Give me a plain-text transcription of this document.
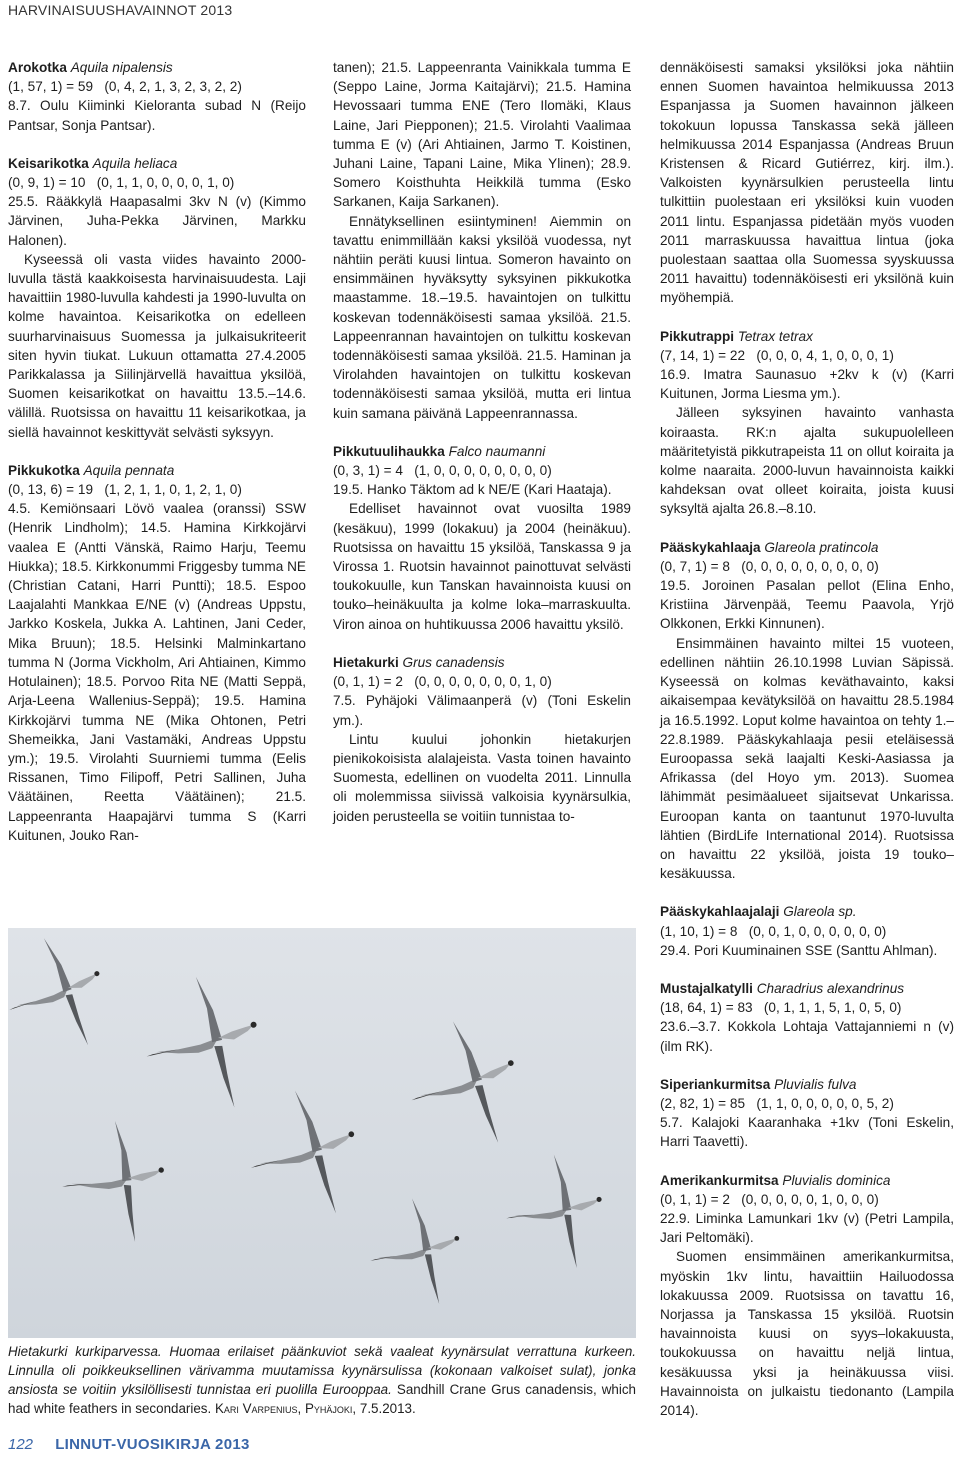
HARVINAISUUSHAVAINNOT 2013

Arokotka Aquila nipalensis

(1, 57, 1) = 59   (0, 4, 2, 1, 3, 2, 3, 2, 2)

8.7. Oulu Kiiminki Kieloranta subad N (Reijo Pantsar, Sonja Pantsar).

Keisarikotka Aquila heliaca

(0, 9, 1) = 10   (0, 1, 1, 0, 0, 0, 0, 1, 0)

25.5. Rääkkylä Haapasalmi 3kv N (v) (Kimmo Järvinen, Juha-Pekka Järvinen, Markku Halonen).

Kyseessä oli vasta viides havainto 2000-luvulla tästä kaakkoisesta harvinaisuudesta. Laji havaittiin 1980-luvulla kahdesti ja 1990-luvulta on kolme havaintoa. Keisarikotka on edelleen suurharvinaisuus Suomessa ja julkaisukriteerit siten hyvin tiukat. Lukuun ottamatta 27.4.2005 Parikkalassa ja Siilinjärvellä havaittua yksilöä, Suomen keisarikotkat on havaittu 13.5.–14.6. välillä. Ruotsissa on havaittu 11 keisarikotkaa, ja siellä havainnot keskittyvät selvästi syksyyn.

Pikkukotka Aquila pennata

(0, 13, 6) = 19   (1, 2, 1, 1, 0, 1, 2, 1, 0)

4.5. Kemiönsaari Lövö vaalea (oranssi) SSW (Henrik Lindholm); 14.5. Hamina Kirkkojärvi vaalea E (Antti Vänskä, Raimo Harju, Teemu Hiukka); 18.5. Kirkkonummi Friggesby tumma NE (Christian Catani, Harri Puntti); 18.5. Espoo Laajalahti Mankkaa E/NE (v) (Andreas Uppstu, Jarkko Koskela, Jukka A. Lahtinen, Jani Ceder, Mika Bruun); 18.5. Helsinki Malminkartano tumma N (Jorma Vickholm, Ari Ahtiainen, Kimmo Hotulainen); 18.5. Porvoo Rita NE (Matti Seppä, Arja-Leena Wallenius-Seppä); 19.5. Hamina Kirkkojärvi tumma NE (Mika Ohtonen, Petri Shemeikka, Jani Vastamäki, Andreas Uppstu ym.); 19.5. Virolahti Suurniemi tumma (Eelis Rissanen, Timo Filipoff, Petri Sallinen, Juha Väätäinen, Reetta Väätäinen); 21.5. Lappeenranta Haapajärvi tumma S (Karri Kuitunen, Jouko Ran-

tanen); 21.5. Lappeenranta Vainikkala tumma E (Seppo Laine, Jorma Kaitajärvi); 21.5. Hamina Hevossaari tumma ENE (Tero Ilomäki, Klaus Laine, Jari Piepponen); 21.5. Virolahti Vaalimaa tumma E (v) (Ari Ahtiainen, Jarmo T. Koistinen, Juhani Laine, Tapani Laine, Mika Ylinen); 28.9. Somero Koisthuhta Heikkilä tumma (Esko Sarkanen, Kaija Sarkanen).

Ennätyksellinen esiintyminen! Aiemmin on tavattu enimmillään kaksi yksilöä vuodessa, nyt nähtiin peräti kuusi lintua. Someron havainto on ensimmäinen hyväksytty syksyinen pikkukotka maastamme. 18.–19.5. havaintojen on tulkittu koskevan todennäköisesti samaa yksilöä. 21.5. Lappeenrannan havaintojen on tulkittu koskevan todennäköisesti samaa yksilöä. 21.5. Haminan ja Virolahden havaintojen on tulkittu koskevan todennäköisesti samaa yksilöä, mutta eri lintua kuin samana päivänä Lappeenrannassa.

Pikkutuulihaukka Falco naumanni

(0, 3, 1) = 4   (1, 0, 0, 0, 0, 0, 0, 0, 0)

19.5. Hanko Täktom ad k NE/E (Kari Haataja).

Edelliset havainnot ovat vuosilta 1989 (kesäkuu), 1999 (lokakuu) ja 2004 (heinäkuu). Ruotsissa on havaittu 15 yksilöä, Tanskassa 9 ja Virossa 1. Ruotsin havainnot painottuvat selvästi toukokuulle, kun Tanskan havainnoista kuusi on touko–heinäkuulta ja kolme loka–marraskuulta. Viron ainoa on huhtikuussa 2006 havaittu yksilö.

Hietakurki Grus canadensis

(0, 1, 1) = 2   (0, 0, 0, 0, 0, 0, 0, 1, 0)

7.5. Pyhäjoki Välimaanperä (v) (Toni Eskelin ym.).

Lintu kuului johonkin hietakurjen pienikokoisista alalajeista. Vasta toinen havainto Suomesta, edellinen on vuodelta 2011. Linnulla oli molemmissa siivissä valkoisia kyynärsulkia, joiden perusteella se voitiin tunnistaa to-

dennäköisesti samaksi yksilöksi joka nähtiin ennen Suomen havaintoa helmikuussa 2013 Espanjassa ja Suomen havainnon jälkeen tokokuun lopussa Tanskassa sekä jälleen helmikuussa 2014 Espanjassa (Andreas Bruun Kristensen & Ricard Gutiérrez, kirj. ilm.). Valkoisten kyynärsulkien perusteella lintu tulkittiin puolestaan eri yksilöksi kuin vuoden 2011 lintu. Espanjassa pidetään myös vuoden 2011 marraskuussa havaittua lintua (joka puolestaan saattaa olla Suomessa syyskuussa 2011 havaittu) todennäköisesti eri yksilönä kuin myöhempiä.

Pikkutrappi Tetrax tetrax

(7, 14, 1) = 22   (0, 0, 0, 4, 1, 0, 0, 0, 1)

16.9. Imatra Saunasuo +2kv k (v) (Karri Kuitunen, Jorma Liesma ym.).

Jälleen syksyinen havainto vanhasta koiraasta. RK:n ajalta sukupuolelleen määritetyistä pikkutrapeista 11 on ollut koiraita ja kolme naaraita. 2000-luvun havainnoista kaikki kahdeksan ovat olleet koiraita, joista kuusi syksyltä ajalta 26.8.–8.10.

Pääskykahlaaja Glareola pratincola

(0, 7, 1) = 8   (0, 0, 0, 0, 0, 0, 0, 0, 0)

19.5. Joroinen Pasalan pellot (Elina Enho, Kristiina Järvenpää, Teemu Paavola, Yrjö Olkkonen, Erkki Kinnunen).

Ensimmäinen havainto miltei 15 vuoteen, edellinen nähtiin 26.10.1998 Luvian Säpissä. Kyseessä on kolmas keväthavainto, kaksi aikaisempaa kevätyksilöä on havaittu 28.5.1984 ja 16.5.1992. Loput kolme havaintoa on tehty 1.–22.8.1989. Pääskykahlaaja pesii eteläisessä Euroopassa sekä laajalti Keski-Aasiassa ja Afrikassa (del Hoyo ym. 2013). Suomea lähimmät pesimäalueet sijaitsevat Unkarissa. Euroopan kanta on taantunut 1970-luvulta lähtien (BirdLife International 2014). Ruotsissa on havaittu 22 yksilöä, joista 19 touko–kesäkuussa.

Pääskykahlaajalaji Glareola sp.

(1, 10, 1) = 8   (0, 0, 1, 0, 0, 0, 0, 0, 0)

29.4. Pori Kuuminainen SSE (Santtu Ahlman).

Mustajalkatylli Charadrius alexandrinus

(18, 64, 1) = 83   (0, 1, 1, 1, 5, 1, 0, 5, 0)

23.6.–3.7. Kokkola Lohtaja Vattajanniemi n (v) (ilm RK).

Siperiankurmitsa Pluvialis fulva

(2, 82, 1) = 85   (1, 1, 0, 0, 0, 0, 0, 5, 2)

5.7. Kalajoki Kaaranhaka +1kv (Toni Eskelin, Harri Taavetti).

Amerikankurmitsa Pluvialis dominica

(0, 1, 1) = 2   (0, 0, 0, 0, 0, 1, 0, 0, 0)

22.9. Liminka Lamunkari 1kv (v) (Petri Lampila, Jari Peltomäki).

Suomen ensimmäinen amerikankurmitsa, myöskin 1kv lintu, havaittiin Hailuodossa lokakuussa 2009. Ruotsissa on tavattu 16, Norjassa ja Tanskassa 15 yksilöä. Ruotsin havainnoista kuusi on syys–lokakuusta, toukokuussa on havaittu neljä lintua, kesäkuussa yksi ja heinäkuussa viisi. Havainnoista on julkaistu tiedonanto (Lampila 2014).

Hietakurki kurkiparvessa. Huomaa erilaiset päänkuviot sekä vaaleat kyynärsulat verrattuna kurkeen. Linnulla oli poikkeuksellinen värivamma muutamissa kyynärsulissa (kokonaan valkoiset sulat), jonka ansiosta se voitiin yksilöllisesti tunnistaa eri puolilla Eurooppaa. Sandhill Crane Grus canadensis, which had white feathers in secondaries. Kari Varpenius, Pyhäjoki, 7.5.2013.
122 LINNUT-VUOSIKIRJA 2013
